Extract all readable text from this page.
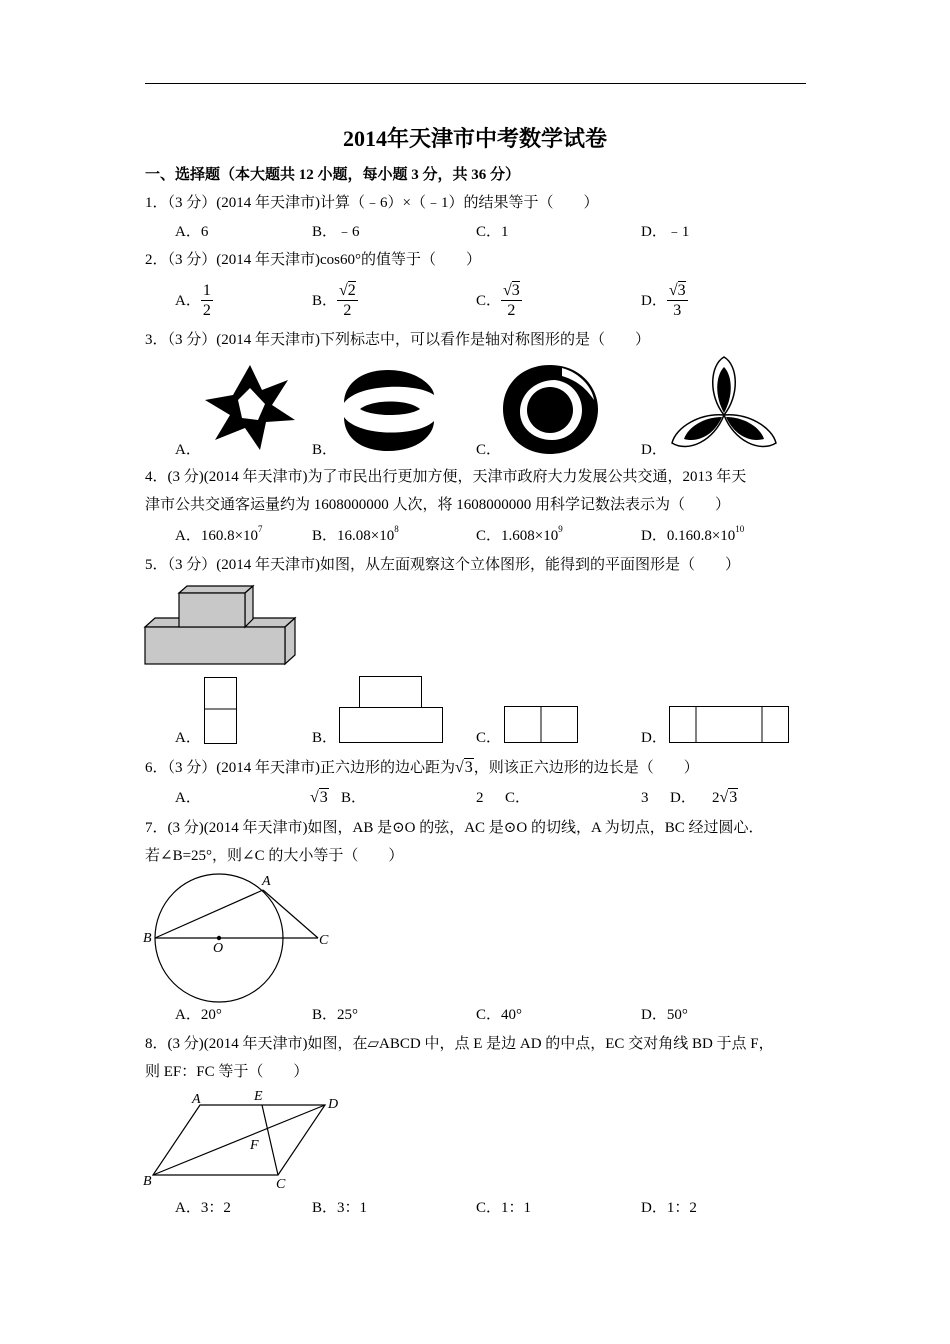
2014年天津市中考数学试卷
一、选择题（本大题共 12 小题，每小题 3 分，共 36 分）
1．（3 分）(2014 年天津市)计算（﹣6）×（﹣1）的结果等于（　　）
A．6	B．﹣6	C．1	D．﹣1
2．（3 分）(2014 年天津市)cos60°的值等于（　　）
A． $\frac{1}{2}$	B． $\frac{√2}{2}$	C． $\frac{√3}{2}$	D． $\frac{√3}{3}$
3．（3 分）(2014 年天津市)下列标志中，可以看作是轴对称图形的是（　　）
A．	B．	C．	D．
4．(3 分)(2014 年天津市)为了市民出行更加方便，天津市政府大力发展公共交通，2013 年天
津市公共交通客运量约为 1608000000 人次，将 1608000000 用科学记数法表示为（　　）
A．$160.8\times 10^7$	B．$16.08\times 10^8$	C．$1.608\times 10^9$	D．$0.160.8\times 10^{10}$
5．（3 分）(2014 年天津市)如图，从左面观察这个立体图形，能得到的平面图形是（　　）
A．	B．	C．	D．
6．（3 分）(2014 年天津市)正六边形的边心距为√3，则该正六边形的边长是（　　）
A．	√3 B．	2 C．	3 D． 2√3
7．(3 分)(2014 年天津市)如图，AB 是⊙O 的弦，AC 是⊙O 的切线，A 为切点，BC 经过圆心．
若∠B=25°，则∠C 的大小等于（　　）
A
B
O
C
A．20°	B．25°	C．40°	D．50°
8．(3 分)(2014 年天津市)如图，在▱ABCD 中，点 E 是边 AD 的中点，EC 交对角线 BD 于点 F，
则 EF：FC 等于（　　）
A	E
D
F
B	C
A．3：2	B．3：1	C．1：1	D．1：2
